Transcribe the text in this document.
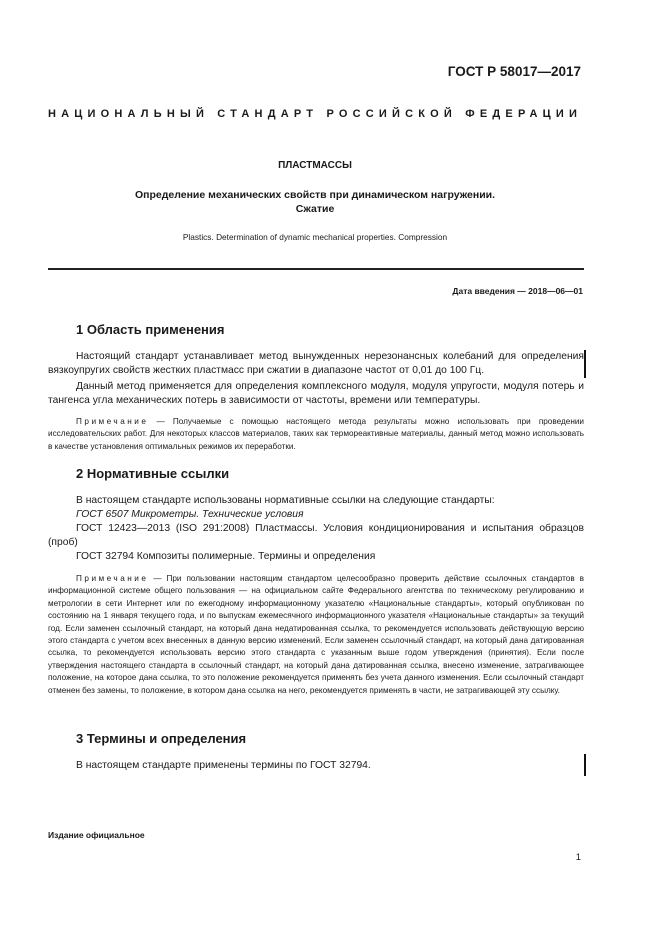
ГОСТ Р 58017—2017
НАЦИОНАЛЬНЫЙ СТАНДАРТ РОССИЙСКОЙ ФЕДЕРАЦИИ
ПЛАСТМАССЫ
Определение механических свойств при динамическом нагружении.
Сжатие
Plastics. Determination of dynamic mechanical properties. Compression
Дата введения — 2018—06—01
1 Область применения
Настоящий стандарт устанавливает метод вынужденных нерезонансных колебаний для определения вязкоупругих свойств жестких пластмасс при сжатии в диапазоне частот от 0,01 до 100 Гц.
Данный метод применяется для определения комплексного модуля, модуля упругости, модуля потерь и тангенса угла механических потерь в зависимости от частоты, времени или температуры.
Примечание — Получаемые с помощью настоящего метода результаты можно использовать при проведении исследовательских работ. Для некоторых классов материалов, таких как термореактивные материалы, данный метод можно использовать в качестве установления оптимальных режимов их переработки.
2 Нормативные ссылки
В настоящем стандарте использованы нормативные ссылки на следующие стандарты:
ГОСТ 6507 Микрометры. Технические условия
ГОСТ 12423—2013 (ISO 291:2008) Пластмассы. Условия кондиционирования и испытания образцов (проб)
ГОСТ 32794 Композиты полимерные. Термины и определения
Примечание — При пользовании настоящим стандартом целесообразно проверить действие ссылочных стандартов в информационной системе общего пользования — на официальном сайте Федерального агентства по техническому регулированию и метрологии в сети Интернет или по ежегодному информационному указателю «Национальные стандарты», который опубликован по состоянию на 1 января текущего года, и по выпускам ежемесячного информационного указателя «Национальные стандарты» за текущий год. Если заменен ссылочный стандарт, на который дана недатированная ссылка, то рекомендуется использовать действующую версию этого стандарта с учетом всех внесенных в данную версию изменений. Если заменен ссылочный стандарт, на который дана датированная ссылка, то рекомендуется использовать версию этого стандарта с указанным выше годом утверждения (принятия). Если после утверждения настоящего стандарта в ссылочный стандарт, на который дана датированная ссылка, внесено изменение, затрагивающее положение, на которое дана ссылка, то это положение рекомендуется применять без учета данного изменения. Если ссылочный стандарт отменен без замены, то положение, в котором дана ссылка на него, рекомендуется применять в части, не затрагивающей эту ссылку.
3 Термины и определения
В настоящем стандарте применены термины по ГОСТ 32794.
Издание официальное
1
